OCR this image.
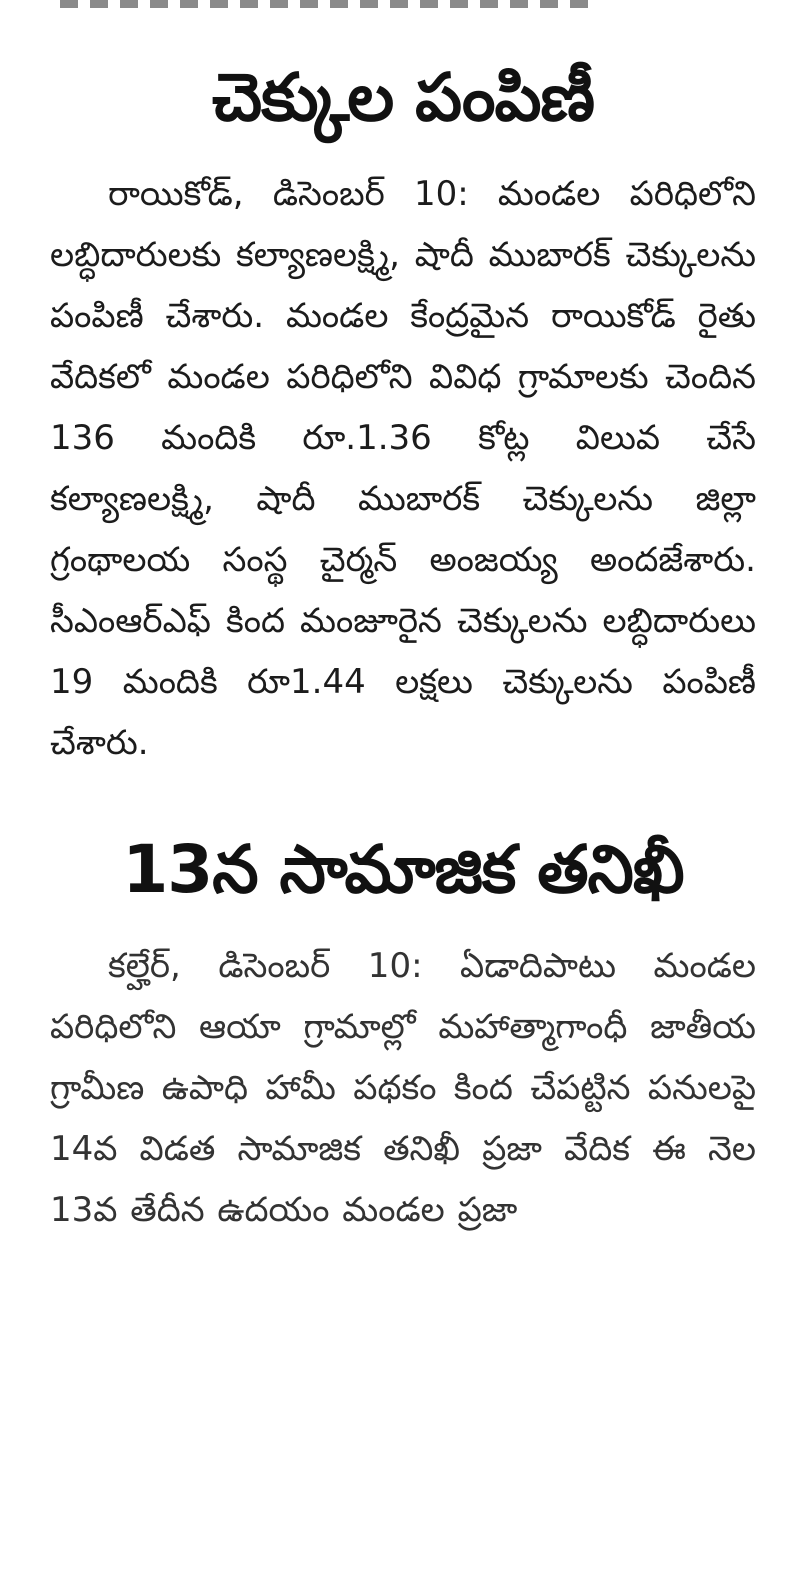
చెక్కుల పంపిణీ

రాయికోడ్, డిసెంబర్ 10: మండల పరిధిలోని లబ్ధిదారులకు కల్యాణలక్ష్మి, షాదీ ముబారక్ చెక్కులను పంపిణీ చేశారు. మండల కేంద్రమైన రాయికోడ్ రైతు వేదికలో మండల పరిధిలోని వివిధ గ్రామాలకు చెందిన 136 మందికి రూ.1.36 కోట్ల విలువ చేసే కల్యాణలక్ష్మి, షాదీ ముబారక్ చెక్కులను జిల్లా గ్రంథాలయ సంస్థ చైర్మన్ అంజయ్య అందజేశారు. సీఎంఆర్ఎఫ్ కింద మంజూరైన చెక్కులను లబ్ధిదారులు 19 మందికి రూ1.44 లక్షలు చెక్కులను పంపిణీ చేశారు.

13న సామాజిక తనిఖీ

కల్హేర్, డిసెంబర్ 10: ఏడాదిపాటు మండల పరిధిలోని ఆయా గ్రామాల్లో మహాత్మాగాంధీ జాతీయ గ్రామీణ ఉపాధి హామీ పథకం కింద చేపట్టిన పనులపై 14వ విడత సామాజిక తనిఖీ ప్రజా వేదిక ఈ నెల 13వ తేదీన ఉదయం మండల ప్రజా
